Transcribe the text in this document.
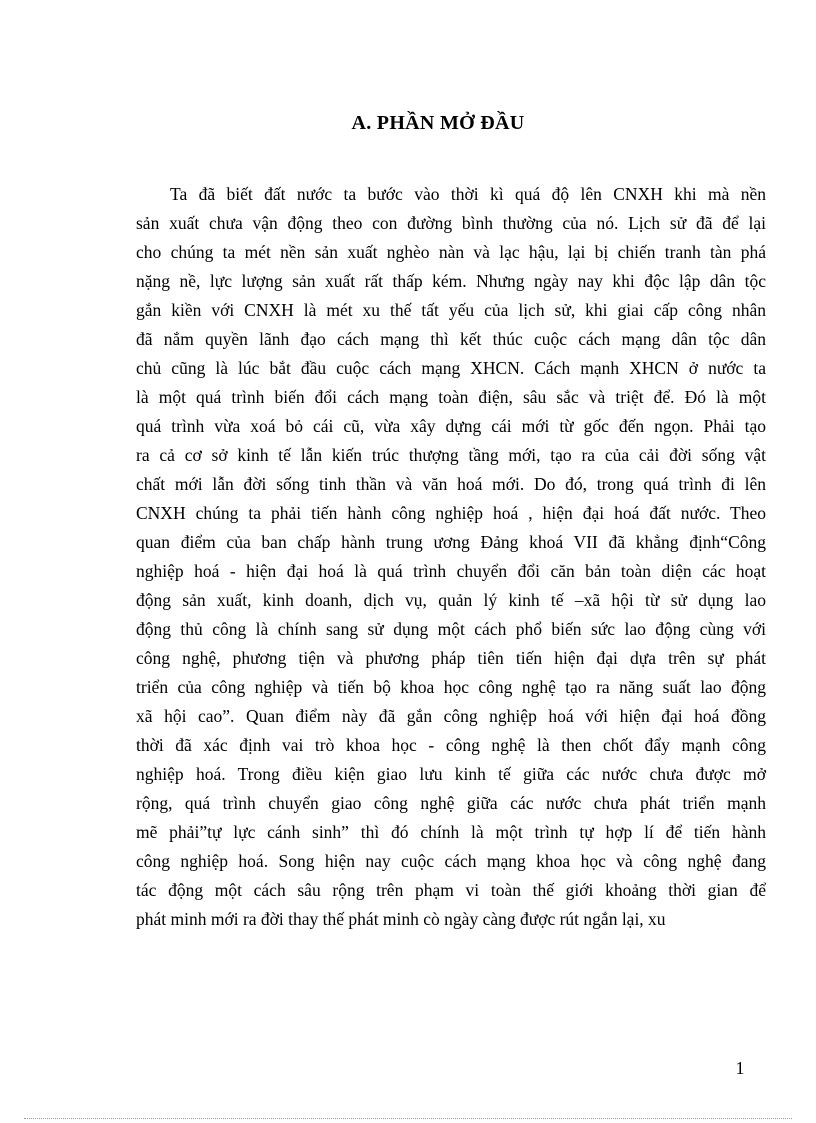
A. PHẦN MỞ ĐẦU
Ta đã biết đất nước ta bước vào thời kì quá độ lên CNXH khi mà nền
sản xuất chưa vận động theo con đường bình thường của nó. Lịch sử đã để lại
cho chúng ta mét nền sản xuất nghèo nàn và lạc hậu, lại bị chiến tranh tàn phá
nặng nề, lực lượng sản xuất rất thấp kém. Nhưng ngày nay khi độc lập dân tộc
gắn kiền với CNXH là mét xu thế tất yếu của lịch sử, khi giai cấp công nhân
đã nắm quyền lãnh đạo cách mạng thì kết thúc cuộc cách mạng dân tộc dân
chủ cũng là lúc bắt đầu cuộc cách mạng XHCN. Cách mạnh XHCN ở nước ta
là một quá trình biến đổi cách mạng toàn điện, sâu sắc và triệt để. Đó là một
quá trình vừa xoá bỏ cái cũ, vừa xây dựng cái mới từ gốc đến ngọn. Phải tạo
ra cả cơ sở kinh tế lẫn kiến trúc thượng tầng mới, tạo ra của cải đời sống vật
chất mới lẫn đời sống tinh thần và văn hoá mới. Do đó, trong quá trình đi lên
CNXH chúng ta phải tiến hành công nghiệp hoá , hiện đại hoá đất nước. Theo
quan điểm của ban chấp hành trung ương Đảng khoá VII đã khẳng định“Công
nghiệp hoá - hiện đại hoá là quá trình chuyển đổi căn bản toàn diện các hoạt
động sản xuất, kinh doanh, dịch vụ, quản lý kinh tế –xã hội từ sử dụng lao
động thủ công là chính sang sử dụng một cách phổ biến sức lao động cùng với
công nghệ, phương tiện và phương pháp tiên tiến hiện đại dựa trên sự phát
triển của công nghiệp và tiến bộ khoa học công nghệ tạo ra năng suất lao động
xã hội cao”. Quan điểm này đã gắn công nghiệp hoá với hiện đại hoá đồng
thời đã xác định vai trò khoa học - công nghệ là then chốt đẩy mạnh công
nghiệp hoá. Trong điều kiện giao lưu kinh tế giữa các nước chưa được mở
rộng, quá trình chuyển giao công nghệ giữa các nước chưa phát triển mạnh
mẽ phải”tự lực cánh sinh” thì đó chính là một trình tự hợp lí để tiến hành
công nghiệp hoá. Song hiện nay cuộc cách mạng khoa học và công nghệ đang
tác động một cách sâu rộng trên phạm vi toàn thế giới khoảng thời gian để
phát minh mới ra đời thay thế phát minh cò ngày càng được rút ngắn lại, xu
1
